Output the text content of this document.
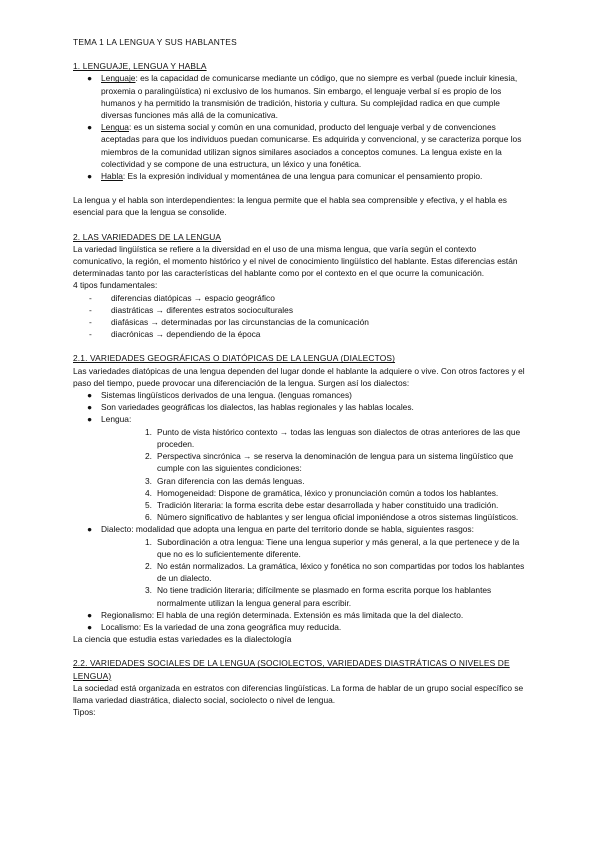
TEMA 1 LA LENGUA Y SUS HABLANTES

1. LENGUAJE, LENGUA Y HABLA

● Lenguaje: es la capacidad de comunicarse mediante un código, que no siempre es verbal (puede incluir kinesia, proxemia o paralingüística) ni exclusivo de los humanos. Sin embargo, el lenguaje verbal sí es propio de los humanos y ha permitido la transmisión de tradición, historia y cultura. Su complejidad radica en que cumple diversas funciones más allá de la comunicativa.
● Lengua: es un sistema social y común en una comunidad, producto del lenguaje verbal y de convenciones aceptadas para que los individuos puedan comunicarse. Es adquirida y convencional, y se caracteriza porque los miembros de la comunidad utilizan signos similares asociados a conceptos comunes. La lengua existe en la colectividad y se compone de una estructura, un léxico y una fonética.
● Habla: Es la expresión individual y momentánea de una lengua para comunicar el pensamiento propio.

La lengua y el habla son interdependientes: la lengua permite que el habla sea comprensible y efectiva, y el habla es esencial para que la lengua se consolide.

2. LAS VARIEDADES DE LA LENGUA

La variedad lingüística se refiere a la diversidad en el uso de una misma lengua, que varía según el contexto comunicativo, la región, el momento histórico y el nivel de conocimiento lingüístico del hablante. Estas diferencias están determinadas tanto por las características del hablante como por el contexto en el que ocurre la comunicación.

4 tipos fundamentales:

- diferencias diatópicas → espacio geográfico
- diastráticas → diferentes estratos socioculturales
- diafásicas → determinadas por las circunstancias de la comunicación
- diacrónicas → dependiendo de la época

2.1. VARIEDADES GEOGRÁFICAS O DIATÓPICAS DE LA LENGUA (DIALECTOS)

Las variedades diatópicas de una lengua dependen del lugar donde el hablante la adquiere o vive. Con otros factores y el paso del tiempo, puede provocar una diferenciación de la lengua. Surgen así los dialectos:

● Sistemas lingüísticos derivados de una lengua. (lenguas romances)
● Son variedades geográficas los dialectos, las hablas regionales y las hablas locales.
● Lengua:
1. Punto de vista histórico contexto → todas las lenguas son dialectos de otras anteriores de las que proceden.
2. Perspectiva sincrónica → se reserva la denominación de lengua para un sistema lingüístico que cumple con las siguientes condiciones:
3. Gran diferencia con las demás lenguas.
4. Homogeneidad: Dispone de gramática, léxico y pronunciación común a todos los hablantes.
5. Tradición literaria: la forma escrita debe estar desarrollada y haber constituido una tradición.
6. Número significativo de hablantes y ser lengua oficial imponiéndose a otros sistemas lingüísticos.
● Dialecto: modalidad que adopta una lengua en parte del territorio donde se habla, siguientes rasgos:
1. Subordinación a otra lengua: Tiene una lengua superior y más general, a la que pertenece y de la que no es lo suficientemente diferente.
2. No están normalizados. La gramática, léxico y fonética no son compartidas por todos los hablantes de un dialecto.
3. No tiene tradición literaria; difícilmente se plasmado en forma escrita porque los hablantes normalmente utilizan la lengua general para escribir.
● Regionalismo: El habla de una región determinada. Extensión es más limitada que la del dialecto.
● Localismo: Es la variedad de una zona geográfica muy reducida.

La ciencia que estudia estas variedades es la dialectología

2.2. VARIEDADES SOCIALES DE LA LENGUA (SOCIOLECTOS, VARIEDADES DIASTRÁTICAS O NIVELES DE LENGUA)

La sociedad está organizada en estratos con diferencias lingüísticas. La forma de hablar de un grupo social específico se llama variedad diastrática, dialecto social, sociolecto o nivel de lengua.

Tipos:
